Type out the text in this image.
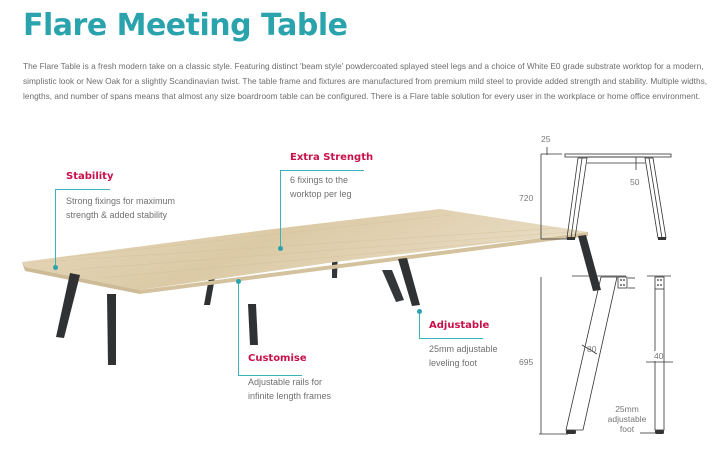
Flare Meeting Table
The Flare Table is a fresh modern take on a classic style. Featuring distinct 'beam style' powdercoated splayed steel legs and a choice of White E0 grade substrate worktop for a modern, simplistic look or New Oak for a slightly Scandinavian twist. The table frame and fixtures are manufactured from premium mild steel to provide added strength and stability. Multiple widths, lengths, and number of spans means that almost any size boardroom table can be configured. There is a Flare table solution for every user in the workplace or home office environment.
25
50
720
695
80
40
25mm
adjustable
foot
Stability
Strong fixings for maximum
strength & added stability
Extra Strength
6 fixings to the
worktop per leg
Customise
Adjustable rails for
infinite length frames
Adjustable
25mm adjustable
leveling foot
